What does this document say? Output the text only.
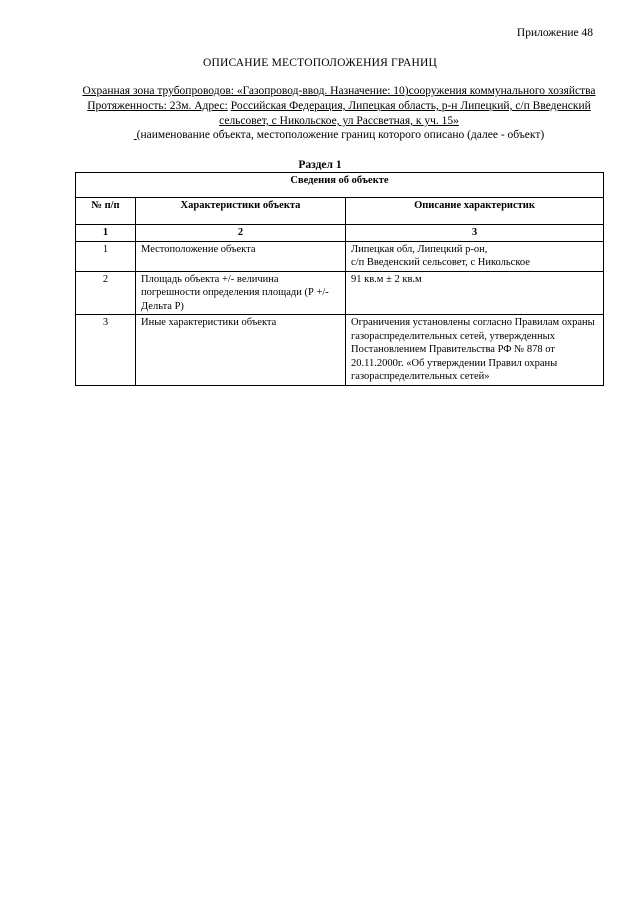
Приложение 48
ОПИСАНИЕ МЕСТОПОЛОЖЕНИЯ ГРАНИЦ
Охранная зона трубопроводов: «Газопровод-ввод. Назначение: 10)сооружения коммунального хозяйства Протяженность: 23м. Адрес: Российская Федерация, Липецкая область, р-н Липецкий, с/п Введенский сельсовет, с Никольское, ул Рассветная, к уч. 15»
(наименование объекта, местоположение границ которого описано (далее - объект)
Раздел 1
Сведения об объекте		
№ п/п	Характеристики объекта	Описание характеристик
1	2	3
1	Местоположение объекта	Липецкая обл, Липецкий р-он,
с/п Введенский сельсовет, с Никольское

2	Площадь объекта +/- величина погрешности определения площади (Р +/- Дельта Р)	91 кв.м ± 2 кв.м
3	Иные характеристики объекта	Ограничения установлены согласно Правилам охраны газораспределительных сетей, утвержденных Постановлением Правительства РФ № 878 от 20.11.2000г. «Об утверждении Правил охраны газораспределительных сетей»
